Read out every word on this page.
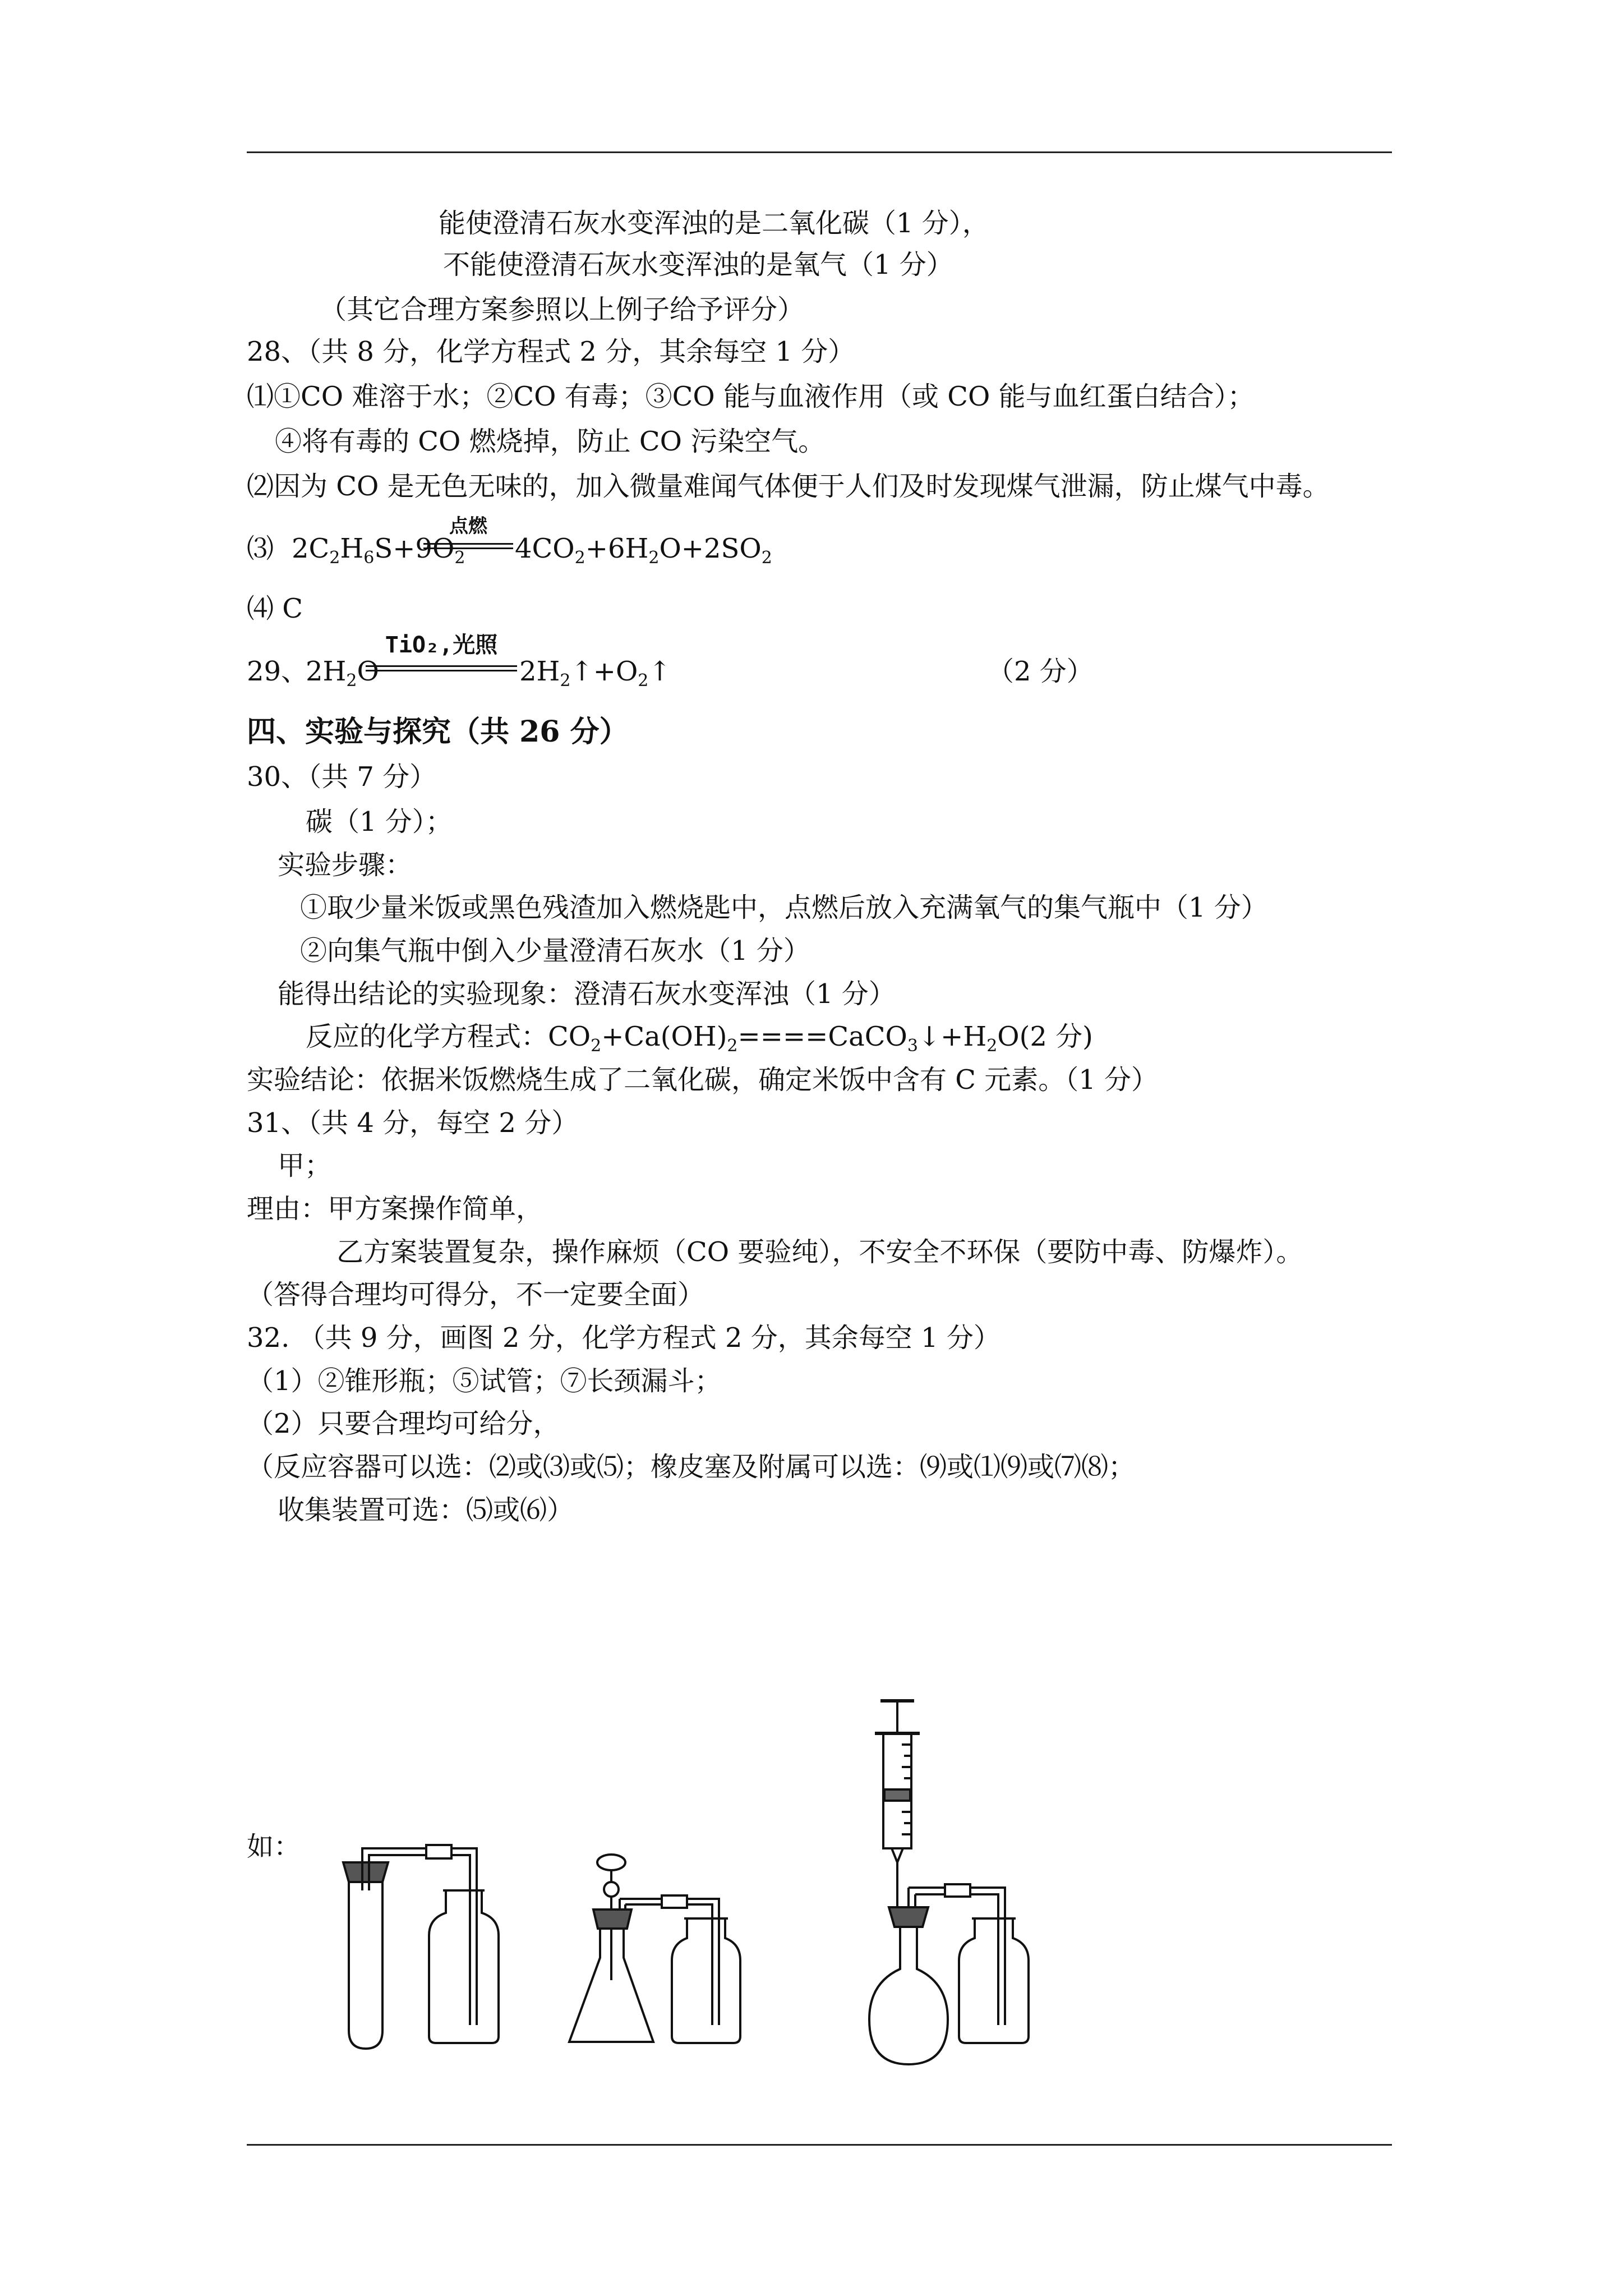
能使澄清石灰水变浑浊的是二氧化碳（1 分），
不能使澄清石灰水变浑浊的是氧气（1 分）
（其它合理方案参照以上例子给予评分）
28、（共 8 分，化学方程式 2 分，其余每空 1 分）
⑴①CO 难溶于水；②CO 有毒；③CO 能与血液作用（或 CO 能与血红蛋白结合）；
④将有毒的 CO 燃烧掉，防止 CO 污染空气。
⑵因为 CO 是无色无味的，加入微量难闻气体便于人们及时发现煤气泄漏，防止煤气中毒。
⑶ $2C_2H_6S+9O_2$
点燃
$4CO_2+6H_2O+2SO_2$
⑷ C
29、
$2H_2O$
TiO₂,光照
$2H_2↑+O_2↑$	（2 分）
四、实验与探究（共 26 分）
30、（共 7 分）
碳（1 分）；
实验步骤：
①取少量米饭或黑色残渣加入燃烧匙中，点燃后放入充满氧气的集气瓶中（1 分）
②向集气瓶中倒入少量澄清石灰水（1 分）
能得出结论的实验现象：澄清石灰水变浑浊（1 分）
反应的化学方程式：$CO_2+Ca(OH)_2====CaCO_3↓+H_2O(2$ 分)
实验结论：依据米饭燃烧生成了二氧化碳，确定米饭中含有 C 元素。（1 分）
31、（共 4 分，每空 2 分）
甲；
理由：甲方案操作简单，
乙方案装置复杂，操作麻烦（CO 要验纯），不安全不环保（要防中毒、防爆炸）。
（答得合理均可得分，不一定要全面）
32. （共 9 分，画图 2 分，化学方程式 2 分，其余每空 1 分）
（1）②锥形瓶；⑤试管；⑦长颈漏斗；
（2）只要合理均可给分，
（反应容器可以选：⑵或⑶或⑸；橡皮塞及附属可以选：⑼或⑴⑼或⑺⑻；
收集装置可选：⑸或⑹）
如：
